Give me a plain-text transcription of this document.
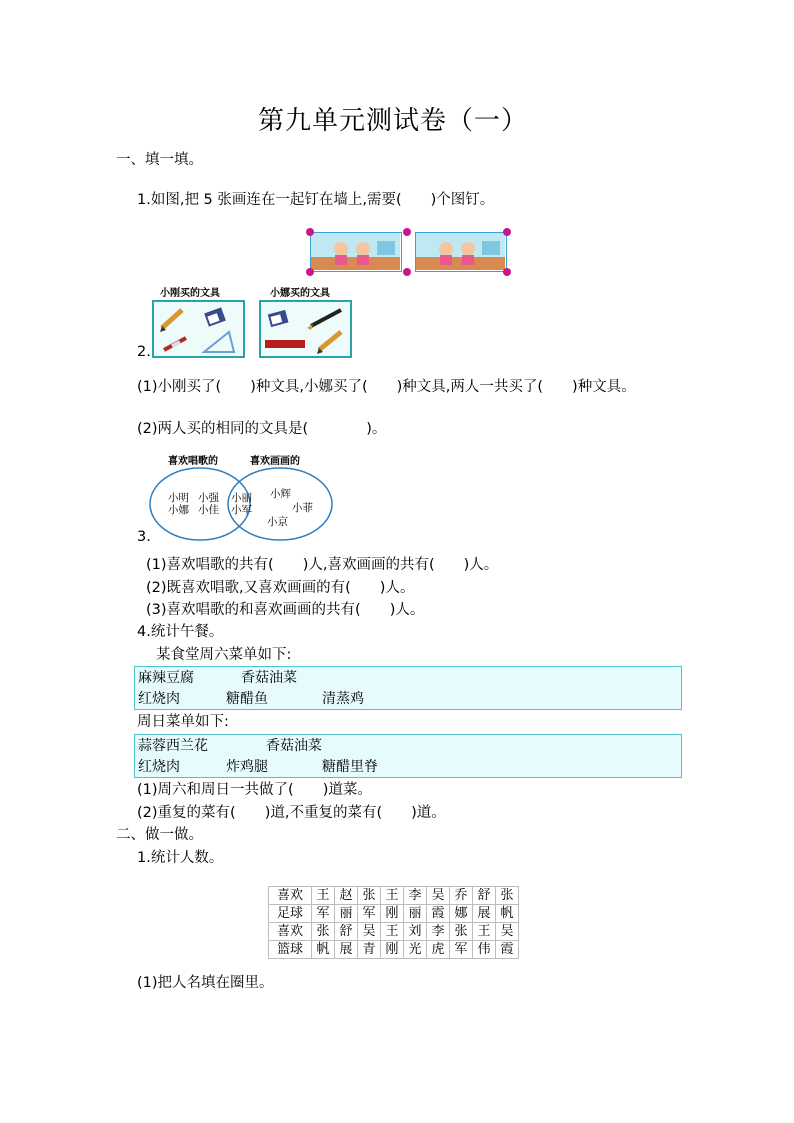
第九单元测试卷（一）
一、填一填。
1.如图,把 5 张画连在一起钉在墙上,需要(　　)个图钉。
小刚买的文具	小娜买的文具
2.
(1)小刚买了(　　)种文具,小娜买了(　　)种文具,两人一共买了(　　)种文具。
(2)两人买的相同的文具是(　　　　)。
喜欢唱歌的	喜欢画画的
小明 小强
小娜 小佳
小丽
小军
小辉
小菲
小京
3.
(1)喜欢唱歌的共有(　　)人,喜欢画画的共有(　　)人。
(2)既喜欢唱歌,又喜欢画画的有(　　)人。
(3)喜欢唱歌的和喜欢画画的共有(　　)人。
4.统计午餐。
某食堂周六菜单如下:
麻辣豆腐	香菇油菜
红烧肉	糖醋鱼	清蒸鸡
周日菜单如下:
蒜蓉西兰花	香菇油菜
红烧肉	炸鸡腿	糖醋里脊
(1)周六和周日一共做了(　　)道菜。
(2)重复的菜有(　　)道,不重复的菜有(　　)道。
二、做一做。
1.统计人数。
喜欢	王	赵	张	王	李	吴	乔	舒	张
足球	军	丽	军	刚	丽	霞	娜	展	帆
喜欢	张	舒	吴	王	刘	李	张	王	吴
篮球	帆	展	青	刚	光	虎	军	伟	霞
(1)把人名填在圈里。
